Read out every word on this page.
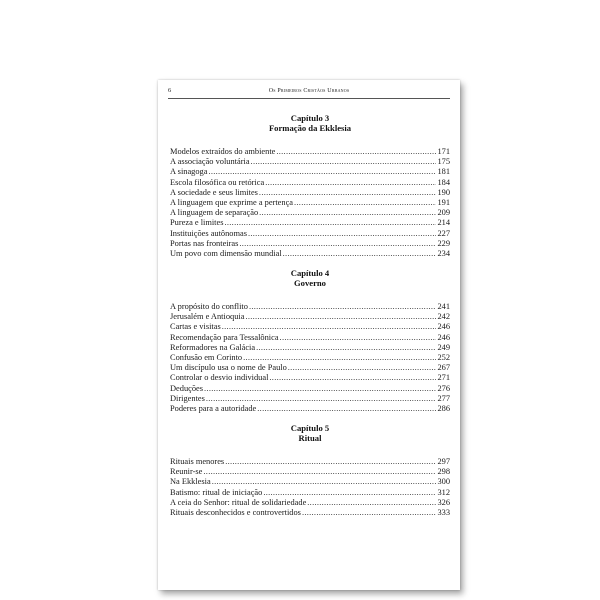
6	Os Primeiros Cristãos Urbanos
Capítulo 3
Formação da Ekklesia
Modelos extraídos do ambiente .....	171
A associação voluntária .....	175
A sinagoga .....	181
Escola filosófica ou retórica .....	184
A sociedade e seus limites .....	190
A linguagem que exprime a pertença .....	191
A linguagem de separação .....	209
Pureza e limites .....	214
Instituições autônomas .....	227
Portas nas fronteiras .....	229
Um povo com dimensão mundial .....	234
Capítulo 4
Governo
A propósito do conflito .....	241
Jerusalém e Antioquia .....	242
Cartas e visitas .....	246
Recomendação para Tessalônica .....	246
Reformadores na Galácia .....	249
Confusão em Corinto .....	252
Um discípulo usa o nome de Paulo .....	267
Controlar o desvio individual .....	271
Deduções .....	276
Dirigentes .....	277
Poderes para a autoridade .....	286
Capítulo 5
Ritual
Rituais menores .....	297
Reunir-se .....	298
Na Ekklesia .....	300
Batismo: ritual de iniciação .....	312
A ceia do Senhor: ritual de solidariedade .....	326
Rituais desconhecidos e controvertidos .....	333
